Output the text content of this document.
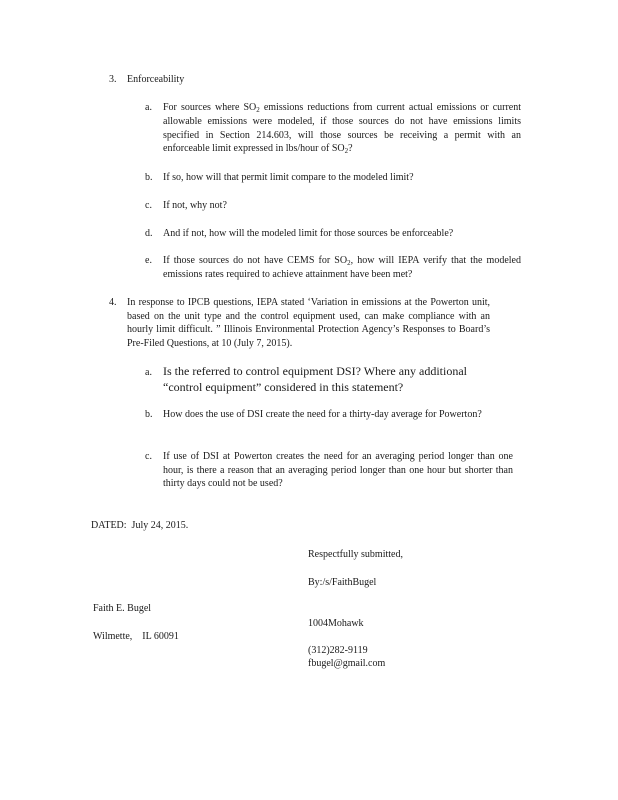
3. Enforceability
a. For sources where $SO_2$ emissions reductions from current actual emissions or current allowable emissions were modeled, if those sources do not have emissions limits specified in Section 214.603, will those sources be receiving a permit with an enforceable limit expressed in lbs/hour of $SO_2$?
b. If so, how will that permit limit compare to the modeled limit?
c. If not, why not?
d. And if not, how will the modeled limit for those sources be enforceable?
e. If those sources do not have CEMS for $SO_2$, how will IEPA verify that the modeled emissions rates required to achieve attainment have been met?
4. In response to IPCB questions, IEPA stated ‘Variation in emissions at the Powerton unit, based on the unit type and the control equipment used, can make compliance with an hourly limit difficult. ” Illinois Environmental Protection Agency’s Responses to Board’s Pre-Filed Questions, at 10 (July 7, 2015).
a. Is the referred to control equipment DSI? Where any additional “control equipment” considered in this statement?
b. How does the use of DSI create the need for a thirty-day average for Powerton?
c. If use of DSI at Powerton creates the need for an averaging period longer than one hour, is there a reason that an averaging period longer than one hour but shorter than thirty days could not be used?
DATED:  July 24, 2015.
Respectfully submitted,
By:/s/FaithBugel
Faith E. Bugel
1004Mohawk
Wilmette,    IL 60091
(312)282-9119
fbugel@gmail.com
